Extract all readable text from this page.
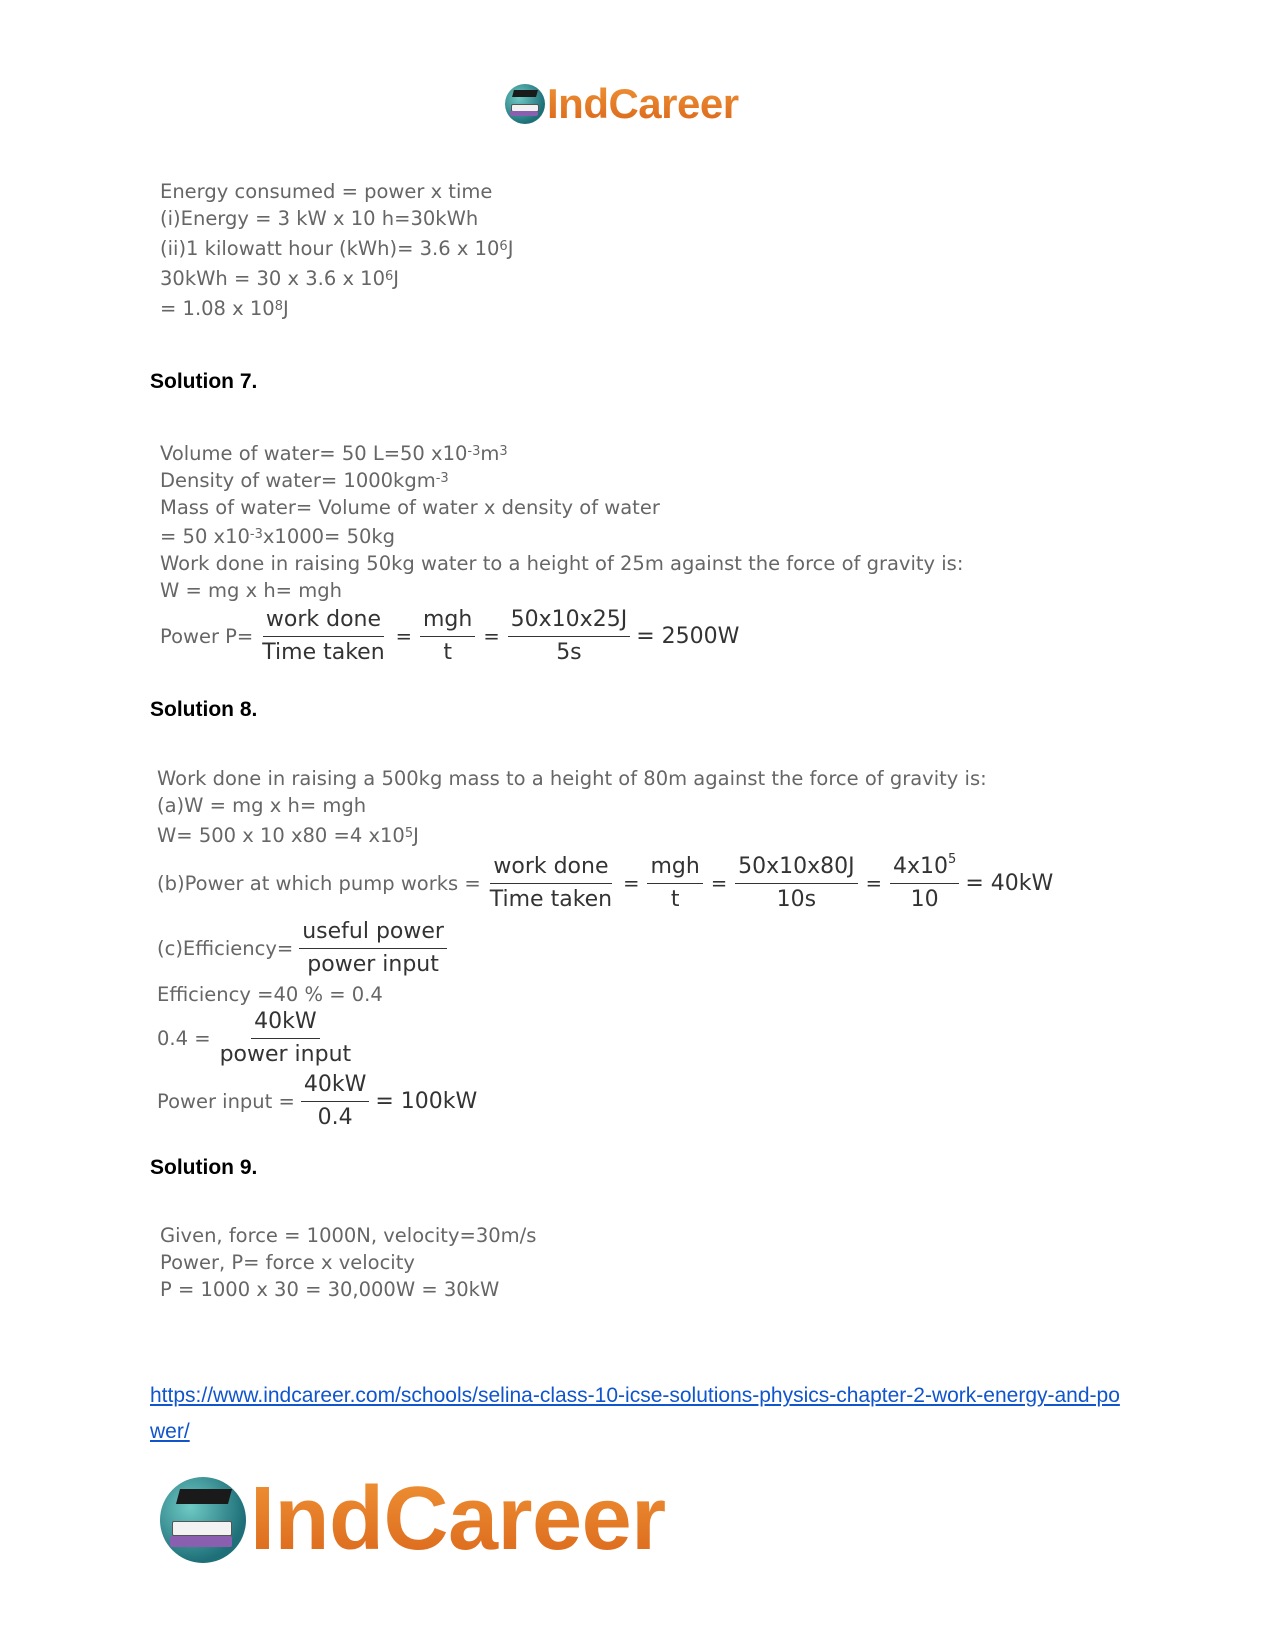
IndCareer
Energy consumed = power x time
(i)Energy = 3 kW x 10 h=30kWh
(ii)1 kilowatt hour (kWh)= 3.6 x $10^6$ J
30kWh = 30 x 3.6 x $10^6$ J
= 1.08 x $10^8$ J
Solution 7.
Volume of water= 50 L=50 $x10^{-3}$ $m^3$
Density of water= 1000kgm$^{-3}$
Mass of water= Volume of water x density of water
= 50 $x10^{-3}$ x1000= 50kg
Work done in raising 50kg water to a height of 25m against the force of gravity is:
W = mg x h= mgh
Power $P= \frac{\text{work done}}{\text{Time taken}} = \frac{\text{mgh}}{t} = \frac{50x10x25J}{5s} = 2500W$
Solution 8.
Work done in raising a 500kg mass to a height of 80m against the force of gravity is:
(a)W = mg x h= mgh
W= 500 x 10 x80 =4 $x10^5$ J
(b)Power at which pump works = $\frac{\text{work done}}{\text{Time taken}} = \frac{\text{mgh}}{t} = \frac{50x10x80J}{10s} = \frac{4x10^5}{10} = 40kW$
(c)Efficiency= $\frac{\text{useful power}}{\text{power input}}$
Efficiency =40 % = 0.4
$0.4 = \frac{40kW}{\text{power input}}$
Power input = $\frac{40kW}{0.4} = 100kW$
Solution 9.
Given, force = 1000N, velocity=30m/s
Power, P= force x velocity
P = 1000 x 30 = 30,000W = 30kW
https://www.indcareer.com/schools/selina-class-10-icse-solutions-physics-chapter-2-work-energy-and-power/
IndCareer
